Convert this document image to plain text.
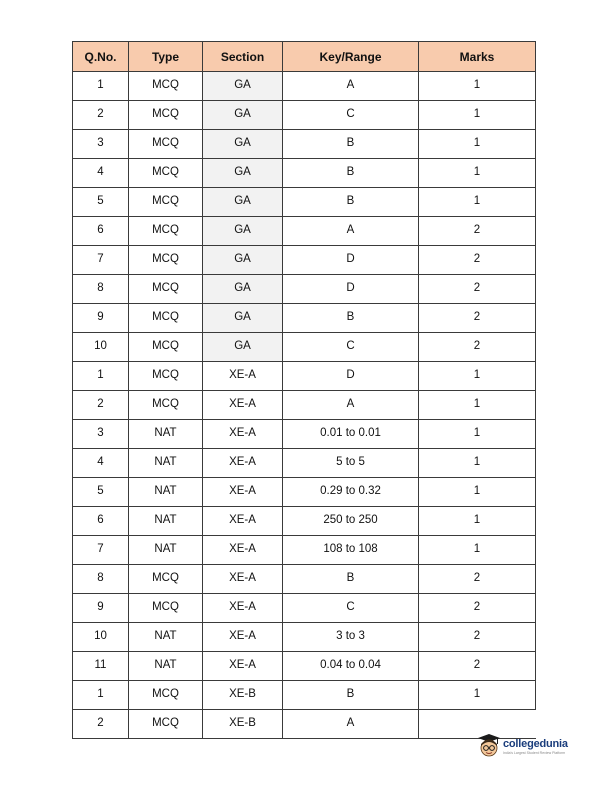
Q.No.	Type	Section	Key/Range	Marks
1	MCQ	GA	A	1
2	MCQ	GA	C	1
3	MCQ	GA	B	1
4	MCQ	GA	B	1
5	MCQ	GA	B	1
6	MCQ	GA	A	2
7	MCQ	GA	D	2
8	MCQ	GA	D	2
9	MCQ	GA	B	2
10	MCQ	GA	C	2
1	MCQ	XE-A	D	1
2	MCQ	XE-A	A	1
3	NAT	XE-A	0.01 to 0.01	1
4	NAT	XE-A	5 to 5	1
5	NAT	XE-A	0.29 to 0.32	1
6	NAT	XE-A	250 to 250	1
7	NAT	XE-A	108 to 108	1
8	MCQ	XE-A	B	2
9	MCQ	XE-A	C	2
10	NAT	XE-A	3 to 3	2
11	NAT	XE-A	0.04 to 0.04	2
1	MCQ	XE-B	B	1
2	MCQ	XE-B	A	
collegedunia
India's Largest Student Review Platform
